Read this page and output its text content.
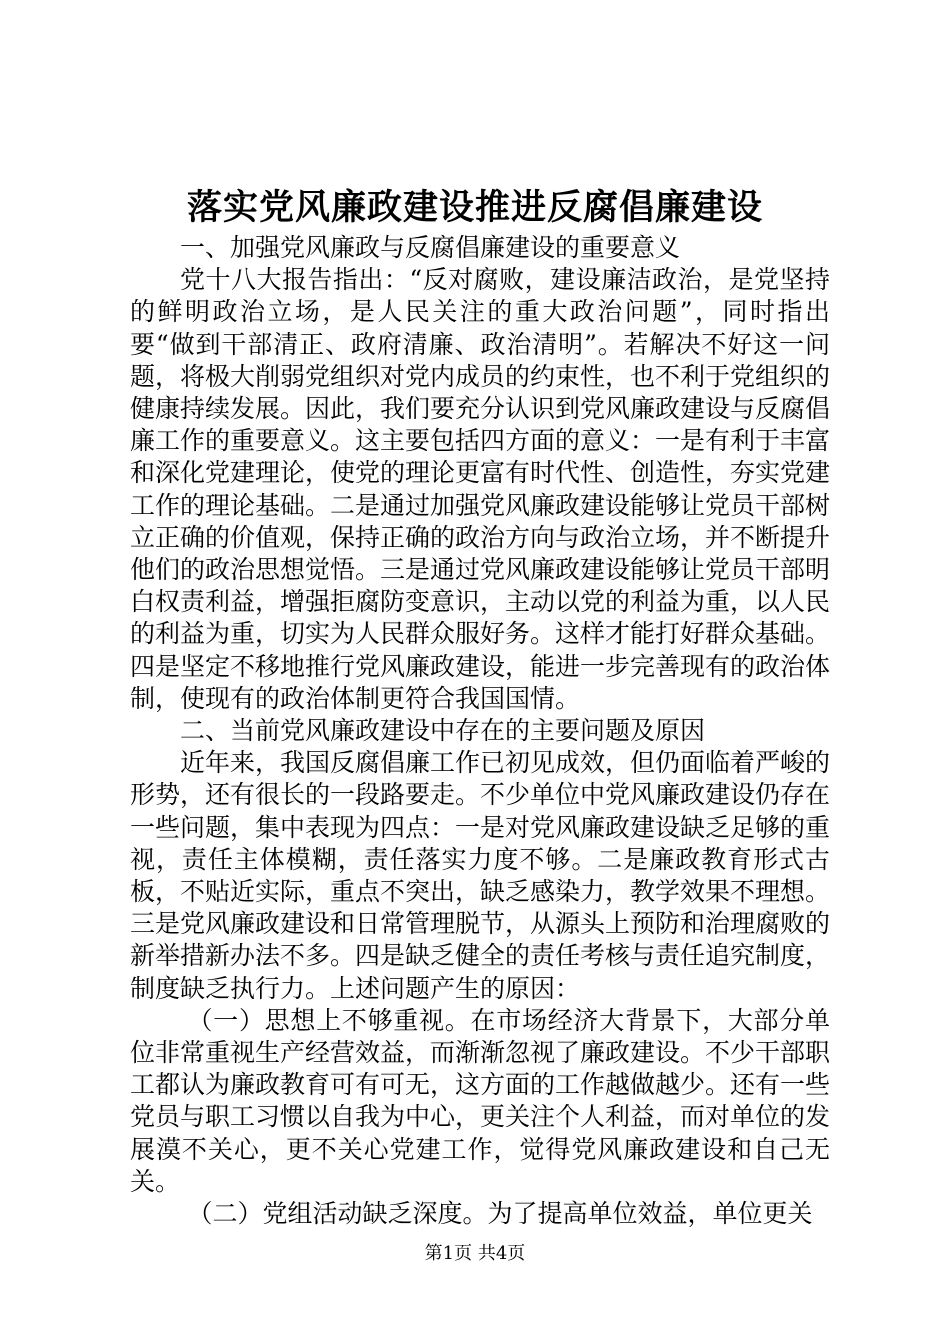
落实党风廉政建设推进反腐倡廉建设

一、加强党风廉政与反腐倡廉建设的重要意义

党十八大报告指出：“反对腐败，建设廉洁政治，是党坚持的鲜明政治立场，是人民关注的重大政治问题”，同时指出要“做到干部清正、政府清廉、政治清明”。若解决不好这一问题，将极大削弱党组织对党内成员的约束性，也不利于党组织的健康持续发展。因此，我们要充分认识到党风廉政建设与反腐倡廉工作的重要意义。这主要包括四方面的意义：一是有利于丰富和深化党建理论，使党的理论更富有时代性、创造性，夯实党建工作的理论基础。二是通过加强党风廉政建设能够让党员干部树立正确的价值观，保持正确的政治方向与政治立场，并不断提升他们的政治思想觉悟。三是通过党风廉政建设能够让党员干部明白权责利益，增强拒腐防变意识，主动以党的利益为重，以人民的利益为重，切实为人民群众服好务。这样才能打好群众基础。四是坚定不移地推行党风廉政建设，能进一步完善现有的政治体制，使现有的政治体制更符合我国国情。

二、当前党风廉政建设中存在的主要问题及原因

近年来，我国反腐倡廉工作已初见成效，但仍面临着严峻的形势，还有很长的一段路要走。不少单位中党风廉政建设仍存在一些问题，集中表现为四点：一是对党风廉政建设缺乏足够的重视，责任主体模糊，责任落实力度不够。二是廉政教育形式古板，不贴近实际，重点不突出，缺乏感染力，教学效果不理想。三是党风廉政建设和日常管理脱节，从源头上预防和治理腐败的新举措新办法不多。四是缺乏健全的责任考核与责任追究制度，制度缺乏执行力。上述问题产生的原因：

（一）思想上不够重视。在市场经济大背景下，大部分单位非常重视生产经营效益，而渐渐忽视了廉政建设。不少干部职工都认为廉政教育可有可无，这方面的工作越做越少。还有一些党员与职工习惯以自我为中心，更关注个人利益，而对单位的发展漠不关心，更不关心党建工作，觉得党风廉政建设和自己无关。

（二）党组活动缺乏深度。为了提高单位效益，单位更关

第1页 共4页
